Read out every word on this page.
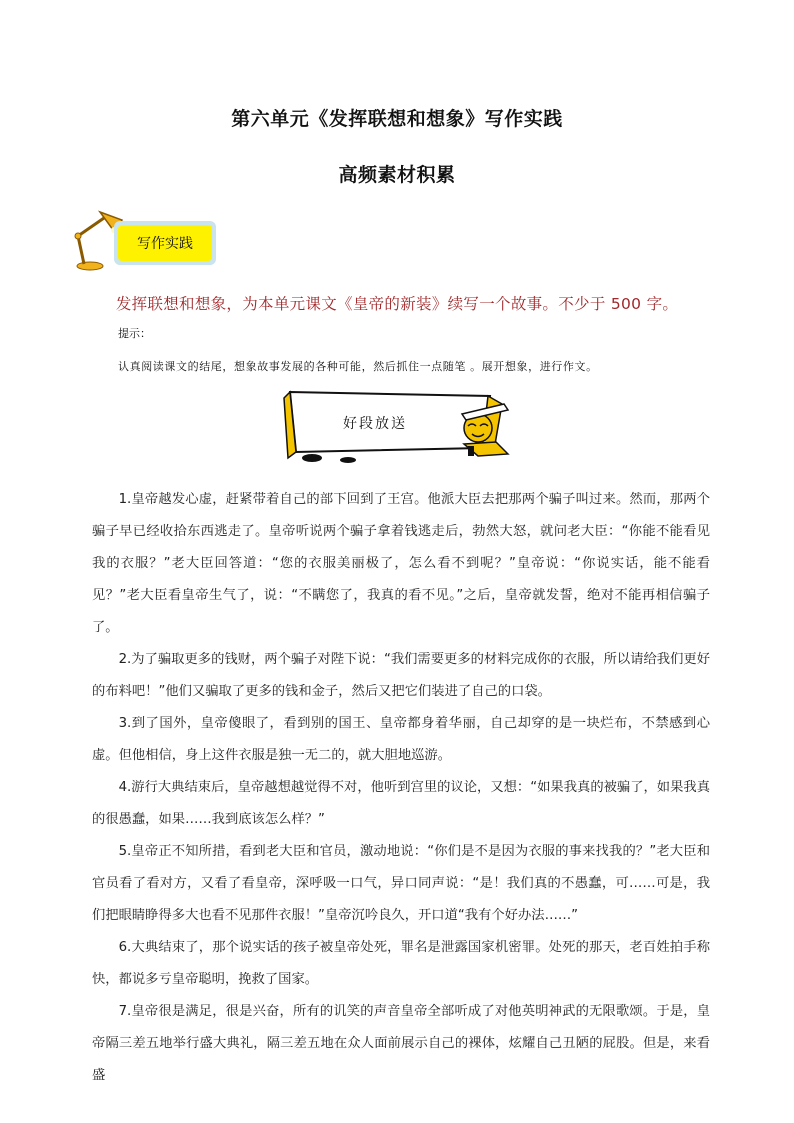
第六单元《发挥联想和想象》写作实践
高频素材积累
写作实践
发挥联想和想象，为本单元课文《皇帝的新装》续写一个故事。不少于 500 字。
提示：
认真阅读课文的结尾，想象故事发展的各种可能，然后抓住一点随笔 。展开想象，进行作文。
好段放送

1.皇帝越发心虚，赶紧带着自己的部下回到了王宫。他派大臣去把那两个骗子叫过来。然而，那两个骗子早已经收拾东西逃走了。皇帝听说两个骗子拿着钱逃走后，勃然大怒，就问老大臣：“你能不能看见我的衣服？”老大臣回答道：“您的衣服美丽极了，怎么看不到呢？”皇帝说：“你说实话，能不能看见？”老大臣看皇帝生气了，说：“不瞒您了，我真的看不见。”之后，皇帝就发誓，绝对不能再相信骗子了。

2.为了骗取更多的钱财，两个骗子对陛下说：“我们需要更多的材料完成你的衣服，所以请给我们更好的布料吧！”他们又骗取了更多的钱和金子，然后又把它们装进了自己的口袋。

3.到了国外，皇帝傻眼了，看到别的国王、皇帝都身着华丽，自己却穿的是一块烂布，不禁感到心虚。但他相信，身上这件衣服是独一无二的，就大胆地巡游。

4.游行大典结束后，皇帝越想越觉得不对，他听到宫里的议论，又想：“如果我真的被骗了，如果我真的很愚蠢，如果……我到底该怎么样？”

5.皇帝正不知所措，看到老大臣和官员，激动地说：“你们是不是因为衣服的事来找我的？”老大臣和官员看了看对方，又看了看皇帝，深呼吸一口气，异口同声说：“是！我们真的不愚蠢，可……可是，我们把眼睛睁得多大也看不见那件衣服！”皇帝沉吟良久，开口道“我有个好办法……”

6.大典结束了，那个说实话的孩子被皇帝处死，罪名是泄露国家机密罪。处死的那天，老百姓拍手称快，都说多亏皇帝聪明，挽救了国家。

7.皇帝很是满足，很是兴奋，所有的讥笑的声音皇帝全部听成了对他英明神武的无限歌颂。于是，皇帝隔三差五地举行盛大典礼，隔三差五地在众人面前展示自己的裸体，炫耀自己丑陋的屁股。但是，来看盛
